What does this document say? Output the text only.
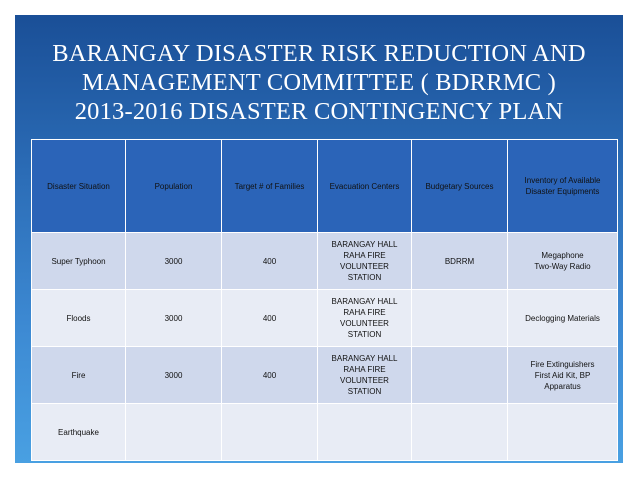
BARANGAY DISASTER RISK REDUCTION AND
MANAGEMENT COMMITTEE ( BDRRMC )
2013-2016 DISASTER CONTINGENCY PLAN
Disaster Situation	Population	Target # of Families	Evacuation Centers	Budgetary Sources	Inventory of Available Disaster Equipments
Super Typhoon	3000	400	BARANGAY HALL
RAHA FIRE VOLUNTEER
STATION	BDRRM	Megaphone
Two-Way Radio

Floods	3000	400	BARANGAY HALL
RAHA FIRE VOLUNTEER
STATION		Declogging Materials

Fire	3000	400	BARANGAY HALL
RAHA FIRE VOLUNTEER
STATION		Fire Extinguishers
First Aid Kit, BP
Apparatus

Earthquake					
